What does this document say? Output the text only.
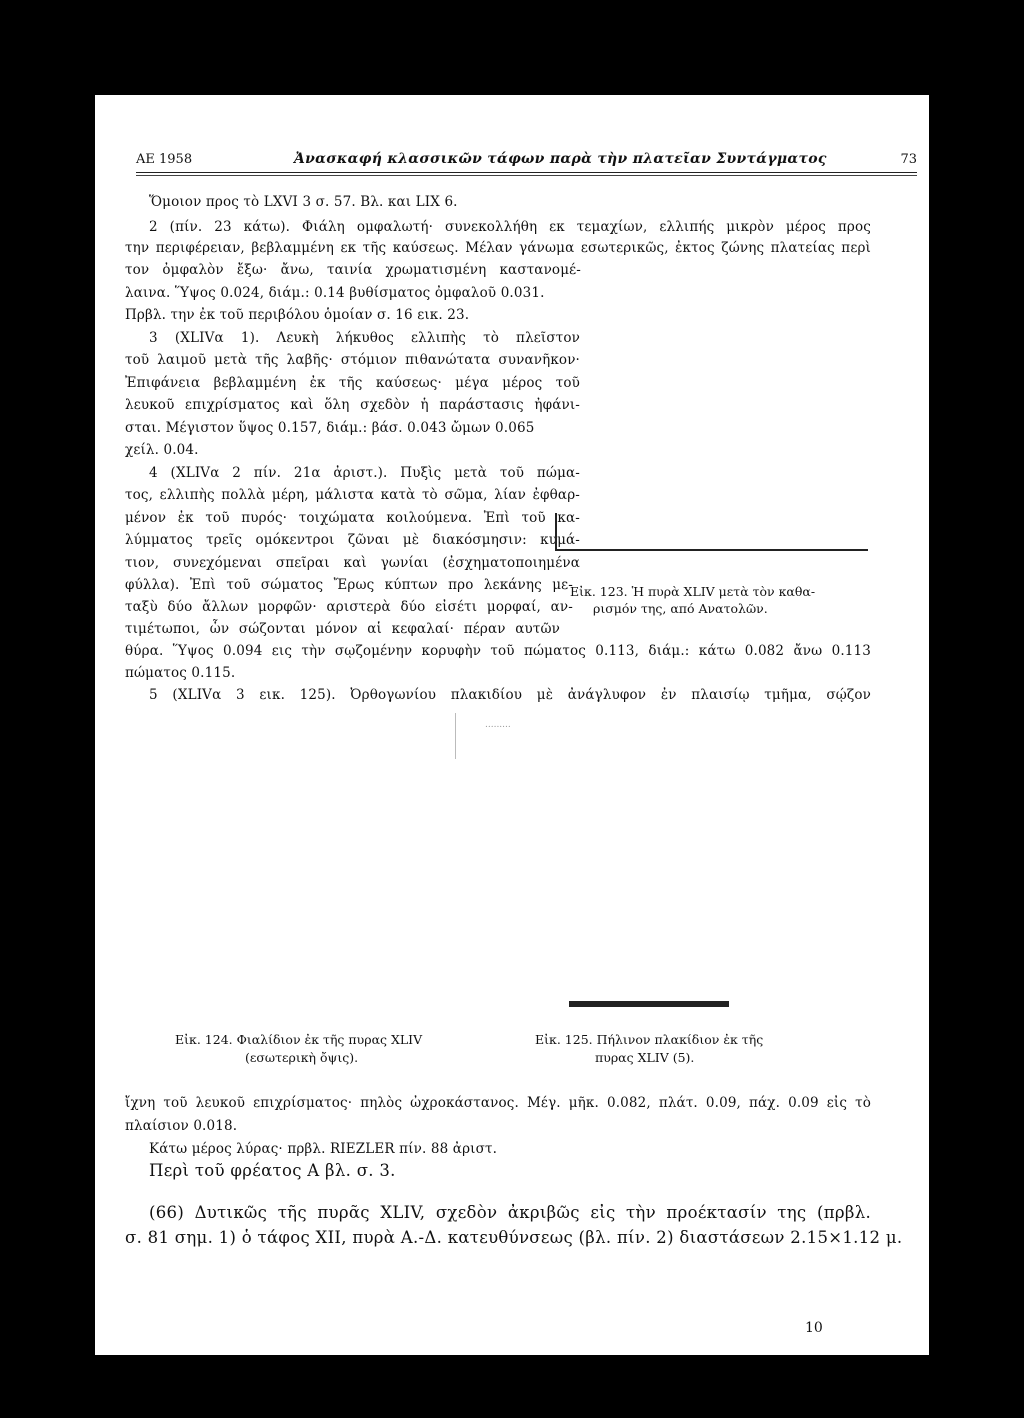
ΑΕ 1958	Ἀνασκαφή κλασσικῶν τάφων παρὰ τὴν πλατεῖαν Συντάγματος	73
Ὅμοιον προς τὸ LXVI 3 σ. 57. Βλ. και LIX 6.
2 (πίν. 23 κάτω). Φιάλη ομφαλωτή· συνεκολλήθη εκ τεμαχίων, ελλιπής μικρὸν μέρος προς
την περιφέρειαν, βεβλαμμένη εκ τῆς καύσεως. Μέλαν γάνωμα εσωτερικῶς, ἐκτος ζώνης πλατείας περὶ
τον ὀμφαλὸν ἔξω· ἄνω, ταινία χρωματισμένη καστανομέ-
λαινα. Ὕψος 0.024, διάμ.: 0.14 βυθίσματος ὀμφαλοῦ 0.031.
Πρβλ. την ἐκ τοῦ περιβόλου ὁμοίαν σ. 16 εικ. 23.
3 (XLIVα 1). Λευκὴ λήκυθος ελλιπὴς τὸ πλεῖστον
τοῦ λαιμοῦ μετὰ τῆς λαβῆς· στόμιον πιθανώτατα συνανῆκον·
Ἐπιφάνεια βεβλαμμένη ἐκ τῆς καύσεως· μέγα μέρος τοῦ
λευκοῦ επιχρίσματος καὶ ὅλη σχεδὸν ἡ παράστασις ἠφάνι-
σται. Μέγιστον ὕψος 0.157, διάμ.: βάσ. 0.043 ὤμων 0.065
χείλ. 0.04.
4 (XLIVα 2 πίν. 21α ἀριστ.). Πυξὶς μετὰ τοῦ πώμα-
τος, ελλιπὴς πολλὰ μέρη, μάλιστα κατὰ τὸ σῶμα, λίαν ἐφθαρ-
μένον ἐκ τοῦ πυρός· τοιχώματα κοιλούμενα. Ἐπὶ τοῦ κα-
λύμματος τρεῖς ομόκεντροι ζῶναι μὲ διακόσμησιν: κυμά-
τιον, συνεχόμεναι σπεῖραι καὶ γωνίαι (ἐσχηματοποιημένα
φύλλα). Ἐπὶ τοῦ σώματος Ἔρως κύπτων προ λεκάνης με-
ταξὺ δύο ἄλλων μορφῶν· αριστερὰ δύο εἰσέτι μορφαί, αν-
τιμέτωποι, ὧν σώζονται μόνον αἱ κεφαλαί· πέραν αυτῶν
θύρα. Ὕψος 0.094 εις τὴν σῳζομένην κορυφὴν τοῦ πώματος 0.113, διάμ.: κάτω 0.082 ἄνω 0.113
πώματος 0.115.
5 (XLIVα 3 εικ. 125). Ὀρθογωνίου πλακιδίου μὲ ἀνάγλυφον ἐν πλαισίῳ τμῆμα, σῴζον
Εἰκ. 123. Ἡ πυρὰ XLIV μετὰ τὸν καθα-
ρισμόν της, από Ανατολῶν.
.........
Εἰκ. 124. Φιαλίδιον ἐκ τῆς πυρας XLIV
(εσωτερικὴ ὄψις).
Εἰκ. 125. Πήλινον πλακίδιον ἐκ τῆς
πυρας XLIV (5).
ἴχνη τοῦ λευκοῦ επιχρίσματος· πηλὸς ὠχροκάστανος. Μέγ. μῆκ. 0.082, πλάτ. 0.09, πάχ. 0.09 εἰς τὸ
πλαίσιον 0.018.
Κάτω μέρος λύρας· πρβλ. RIEZLER πίν. 88 ἀριστ.
Περὶ τοῦ φρέατος Α βλ. σ. 3.
(66) Δυτικῶς τῆς πυρᾶς XLIV, σχεδὸν ἀκριβῶς εἰς τὴν προέκτασίν της (πρβλ.
σ. 81 σημ. 1) ὁ τάφος XII, πυρὰ Α.-Δ. κατευθύνσεως (βλ. πίν. 2) διαστάσεων 2.15×1.12 μ.
10
